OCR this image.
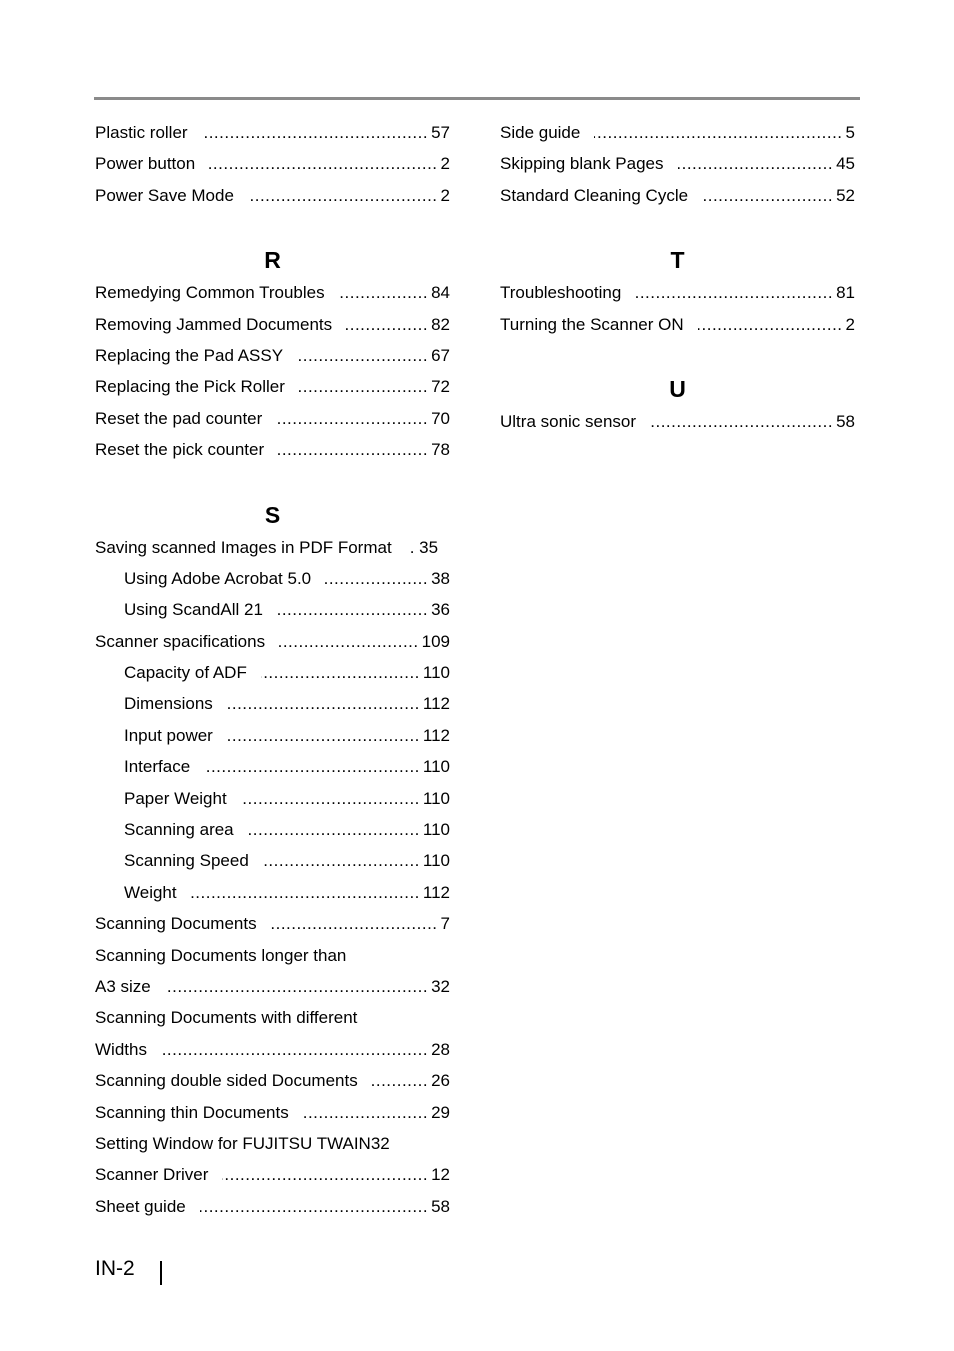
Plastic roller .....	57
Power button .....	2
Power Save Mode .....	2
R
Remedying Common Troubles .....	84
Removing Jammed Documents .....	82
Replacing the Pad ASSY .....	67
Replacing the Pick Roller .....	72
Reset the pad counter .....	70
Reset the pick counter .....	78
S
Saving scanned Images in PDF Format . 35
Using Adobe Acrobat 5.0 .....	38
Using ScandAll 21 .....	36
Scanner spacifications .....	109
Capacity of ADF .....	110
Dimensions .....	112
Input power .....	112
Interface .....	110
Paper Weight .....	110
Scanning area .....	110
Scanning Speed .....	110
Weight .....	112
Scanning Documents .....	7
Scanning Documents longer than
A3 size .....	32
Scanning Documents with different
Widths .....	28
Scanning double sided Documents .....	26
Scanning thin Documents .....	29
Setting Window for FUJITSU TWAIN32
Scanner Driver .....	12
Sheet guide .....	58
Side guide .....	5
Skipping blank Pages .....	45
Standard Cleaning Cycle .....	52
T
Troubleshooting .....	81
Turning the Scanner ON .....	2
U
Ultra sonic sensor .....	58
IN-2
